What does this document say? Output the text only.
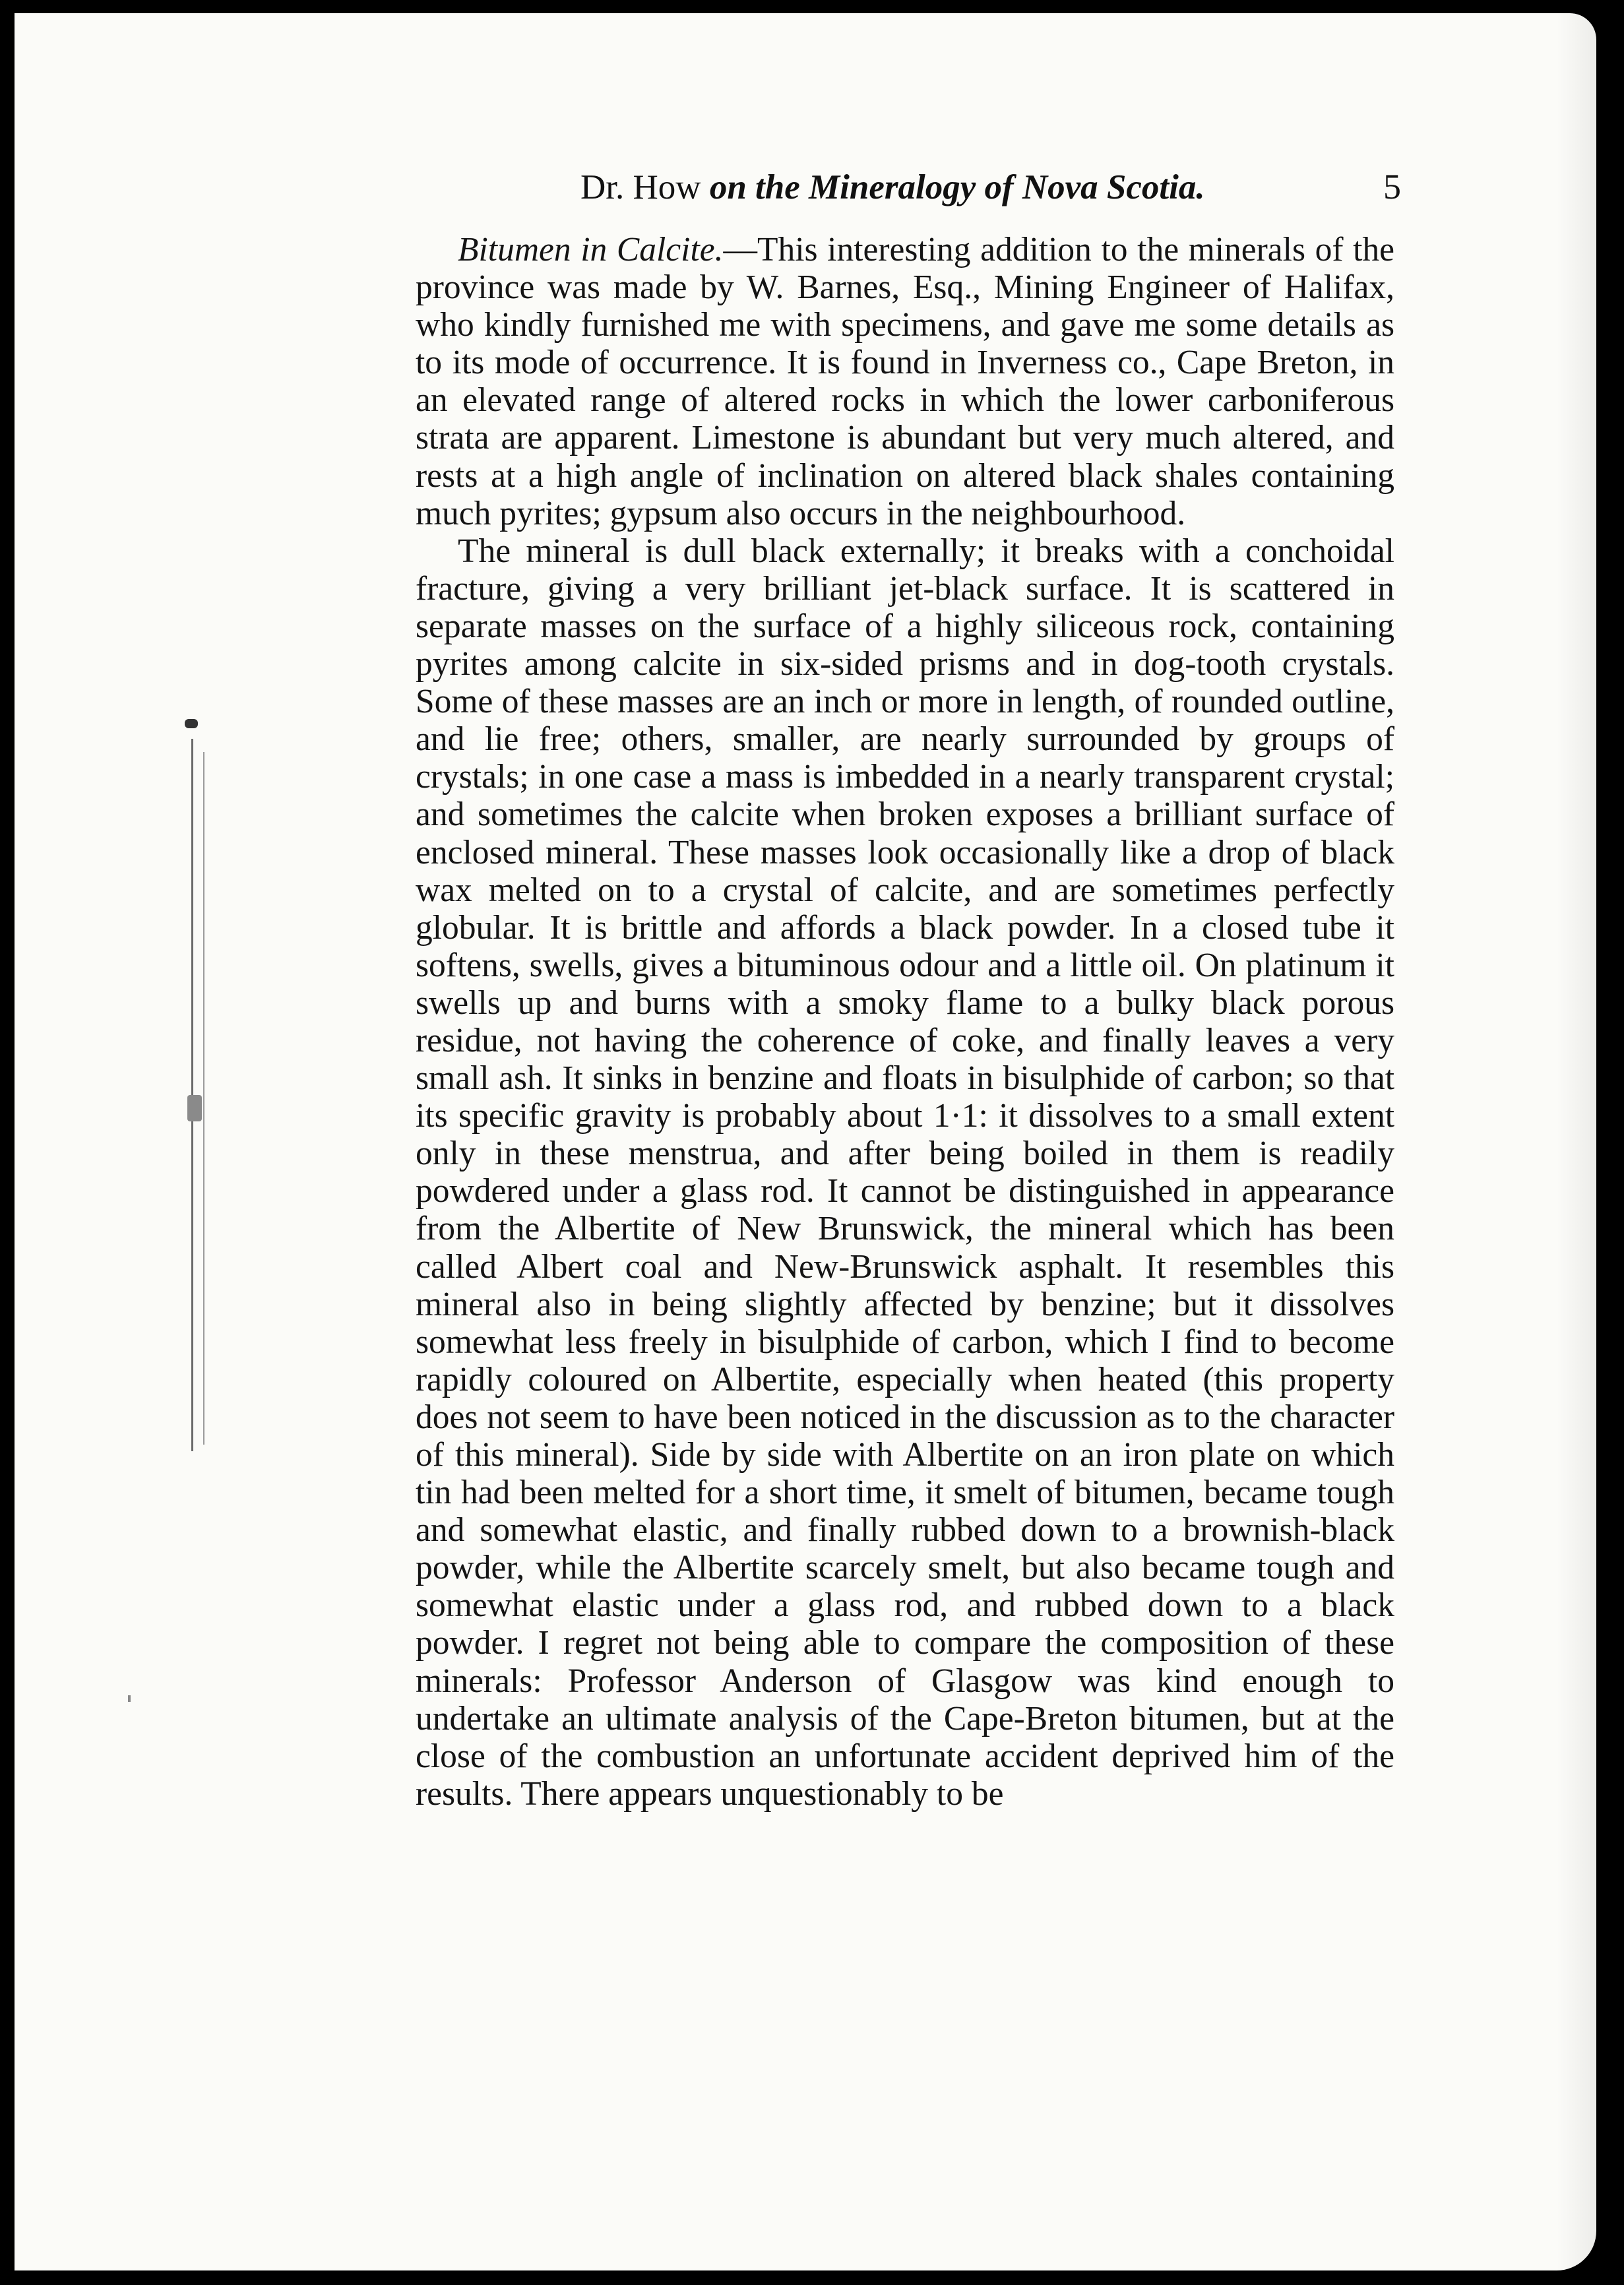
Dr. How on the Mineralogy of Nova Scotia.	5

Bitumen in Calcite.—This interesting addition to the minerals of the province was made by W. Barnes, Esq., Mining Engineer of Halifax, who kindly furnished me with specimens, and gave me some details as to its mode of occurrence. It is found in Inverness co., Cape Breton, in an elevated range of altered rocks in which the lower carboniferous strata are apparent. Limestone is abundant but very much altered, and rests at a high angle of inclination on altered black shales containing much pyrites; gypsum also occurs in the neighbourhood.

The mineral is dull black externally; it breaks with a conchoidal fracture, giving a very brilliant jet-black surface. It is scattered in separate masses on the surface of a highly siliceous rock, containing pyrites among calcite in six-sided prisms and in dog-tooth crystals. Some of these masses are an inch or more in length, of rounded outline, and lie free; others, smaller, are nearly surrounded by groups of crystals; in one case a mass is imbedded in a nearly transparent crystal; and sometimes the calcite when broken exposes a brilliant surface of enclosed mineral. These masses look occasionally like a drop of black wax melted on to a crystal of calcite, and are sometimes perfectly globular. It is brittle and affords a black powder. In a closed tube it softens, swells, gives a bituminous odour and a little oil. On platinum it swells up and burns with a smoky flame to a bulky black porous residue, not having the coherence of coke, and finally leaves a very small ash. It sinks in benzine and floats in bisulphide of carbon; so that its specific gravity is probably about 1·1: it dissolves to a small extent only in these menstrua, and after being boiled in them is readily powdered under a glass rod. It cannot be distinguished in appearance from the Albertite of New Brunswick, the mineral which has been called Albert coal and New-Brunswick asphalt. It resembles this mineral also in being slightly affected by benzine; but it dissolves somewhat less freely in bisulphide of carbon, which I find to become rapidly coloured on Albertite, especially when heated (this property does not seem to have been noticed in the discussion as to the character of this mineral). Side by side with Albertite on an iron plate on which tin had been melted for a short time, it smelt of bitumen, became tough and somewhat elastic, and finally rubbed down to a brownish-black powder, while the Albertite scarcely smelt, but also became tough and somewhat elastic under a glass rod, and rubbed down to a black powder. I regret not being able to compare the composition of these minerals: Professor Anderson of Glasgow was kind enough to undertake an ultimate analysis of the Cape-Breton bitumen, but at the close of the combustion an unfortunate accident deprived him of the results. There appears unquestionably to be
